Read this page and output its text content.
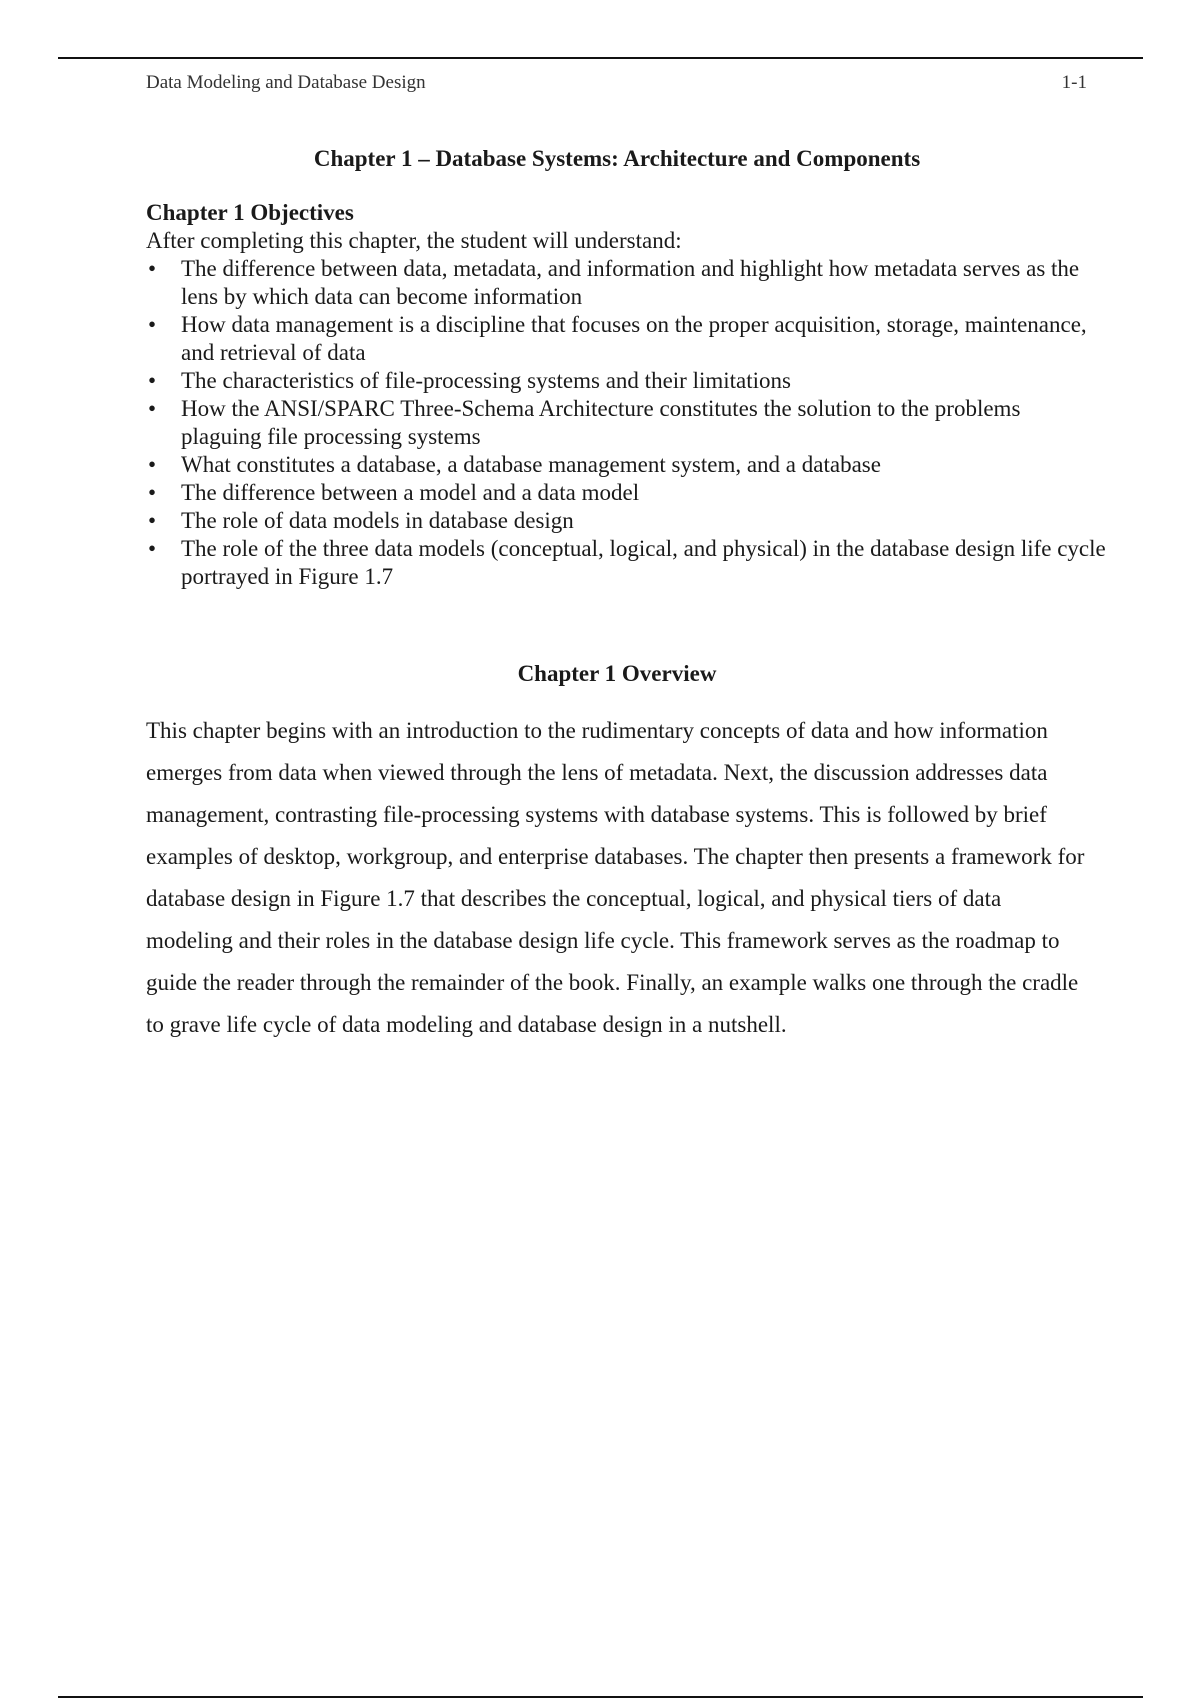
Data Modeling and Database Design	1-1
Chapter 1 – Database Systems: Architecture and Components
Chapter 1 Objectives
After completing this chapter, the student will understand:
• The difference between data, metadata, and information and highlight how metadata serves as the lens by which data can become information
• How data management is a discipline that focuses on the proper acquisition, storage, maintenance, and retrieval of data
• The characteristics of file-processing systems and their limitations
• How the ANSI/SPARC Three-Schema Architecture constitutes the solution to the problems plaguing file processing systems
• What constitutes a database, a database management system, and a database
• The difference between a model and a data model
• The role of data models in database design
• The role of the three data models (conceptual, logical, and physical) in the database design life cycle portrayed in Figure 1.7
Chapter 1 Overview
This chapter begins with an introduction to the rudimentary concepts of data and how information emerges from data when viewed through the lens of metadata. Next, the discussion addresses data management, contrasting file-processing systems with database systems. This is followed by brief examples of desktop, workgroup, and enterprise databases. The chapter then presents a framework for database design in Figure 1.7 that describes the conceptual, logical, and physical tiers of data modeling and their roles in the database design life cycle. This framework serves as the roadmap to guide the reader through the remainder of the book. Finally, an example walks one through the cradle to grave life cycle of data modeling and database design in a nutshell.
